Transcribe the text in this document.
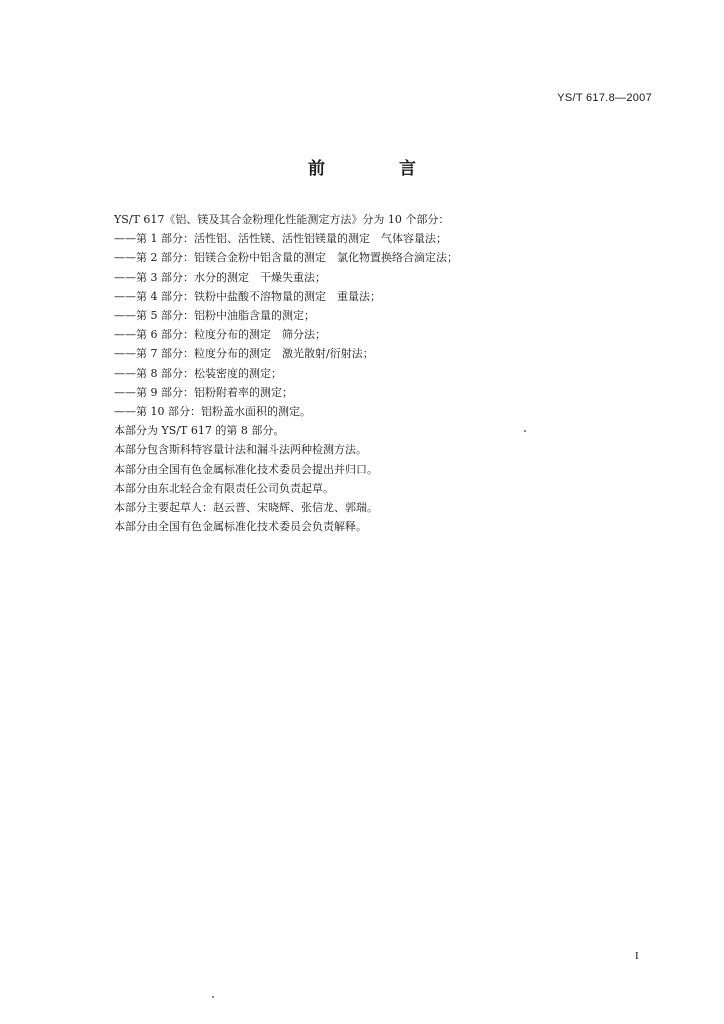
YS/T 617.8—2007
前 言

YS/T 617《铝、镁及其合金粉理化性能测定方法》分为 10 个部分：

——第 1 部分：活性铝、活性镁、活性铝镁量的测定　气体容量法；

——第 2 部分：铝镁合金粉中铝含量的测定　氯化物置换络合滴定法；

——第 3 部分：水分的测定　干燥失重法；

——第 4 部分：铁粉中盐酸不溶物量的测定　重量法；

——第 5 部分：铝粉中油脂含量的测定；

——第 6 部分：粒度分布的测定　筛分法；

——第 7 部分：粒度分布的测定　激光散射/衍射法；

——第 8 部分：松装密度的测定；

——第 9 部分：铝粉附着率的测定；

——第 10 部分：铝粉盖水面积的测定。

本部分为 YS/T 617 的第 8 部分。

本部分包含斯科特容量计法和漏斗法两种检测方法。

本部分由全国有色金属标准化技术委员会提出并归口。

本部分由东北轻合金有限责任公司负责起草。

本部分主要起草人：赵云普、宋晓辉、张信龙、郭瑞。

本部分由全国有色金属标准化技术委员会负责解释。

I
